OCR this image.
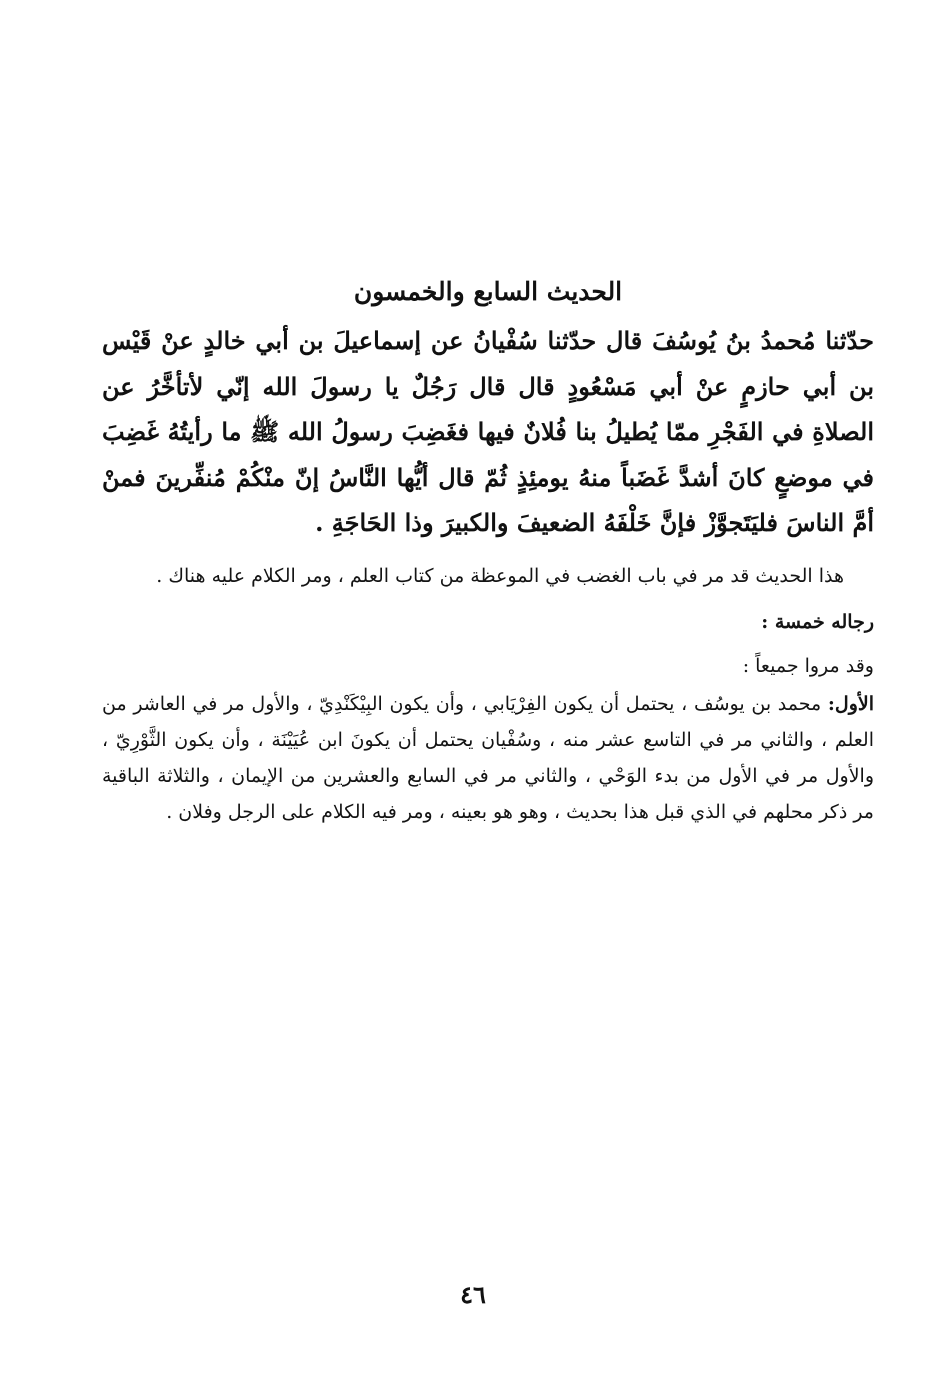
الحديث السابع والخمسون

حدّثنا مُحمدُ بنُ يُوسُفَ قال حدّثنا سُفْيانُ عن إسماعيلَ بن أبي خالدٍ عنْ قَيْس بن أبي حازمٍ عنْ أبي مَسْعُودٍ قال قال رَجُلٌ يا رسولَ الله إنّي لأتأخَّرُ عن الصلاةِ في الفَجْرِ ممّا يُطيلُ بنا فُلانٌ فيها فغَضِبَ رسولُ الله ﷺ ما رأيتُهُ غَضِبَ في موضعٍ كانَ أشدَّ غَضَباً منهُ يومئِذٍ ثُمّ قال أيُّها النَّاسُ إنّ منْكُمْ مُنفِّرينَ فمنْ أمَّ الناسَ فليَتَجوَّزْ فإنَّ خَلْفَهُ الضعيفَ والكبيرَ وذا الحَاجَةِ .

هذا الحديث قد مر في باب الغضب في الموعظة من كتاب العلم ، ومر الكلام عليه هناك .

رجاله خمسة :

وقد مروا جميعاً :

الأول: محمد بن يوسُف ، يحتمل أن يكون الفِرْيَابي ، وأن يكون البِيْكَنْدِيّ ، والأول مر في العاشر من العلم ، والثاني مر في التاسع عشر منه ، وسُفْيان يحتمل أن يكونَ ابن عُيَيْنَة ، وأن يكون الثَّوْرِيّ ، والأول مر في الأول من بدء الوَحْي ، والثاني مر في السابع والعشرين من الإيمان ، والثلاثة الباقية مر ذكر محلهم في الذي قبل هذا بحديث ، وهو هو بعينه ، ومر فيه الكلام على الرجل وفلان .

٤٦
